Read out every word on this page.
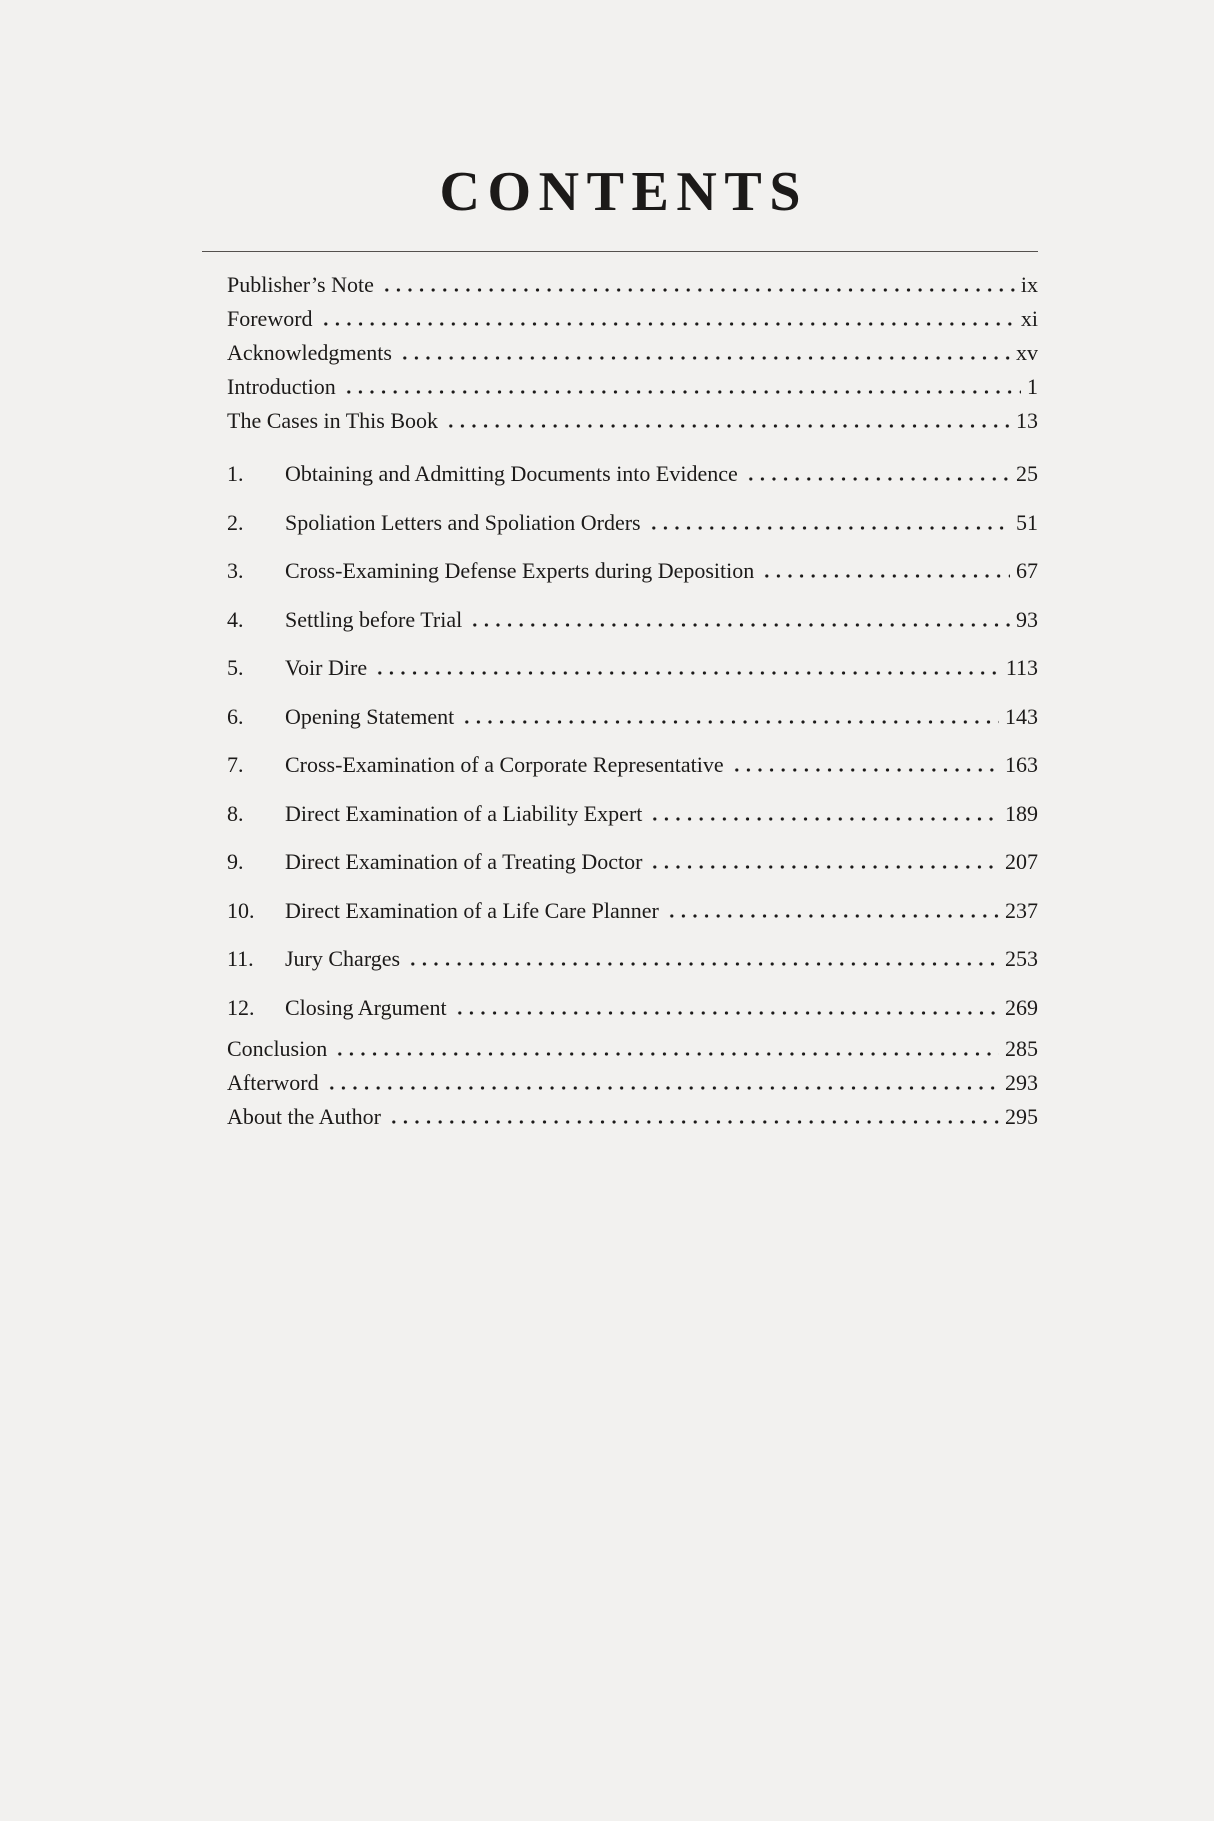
CONTENTS
Publisher’s Note	ix
Foreword	xi
Acknowledgments	xv
Introduction	1
The Cases in This Book	13
1.	Obtaining and Admitting Documents into Evidence	25
2.	Spoliation Letters and Spoliation Orders	51
3.	Cross-Examining Defense Experts during Deposition	67
4.	Settling before Trial	93
5.	Voir Dire	113
6.	Opening Statement	143
7.	Cross-Examination of a Corporate Representative	163
8.	Direct Examination of a Liability Expert	189
9.	Direct Examination of a Treating Doctor	207
10.	Direct Examination of a Life Care Planner	237
11.	Jury Charges	253
12.	Closing Argument	269
Conclusion	285
Afterword	293
About the Author	295
